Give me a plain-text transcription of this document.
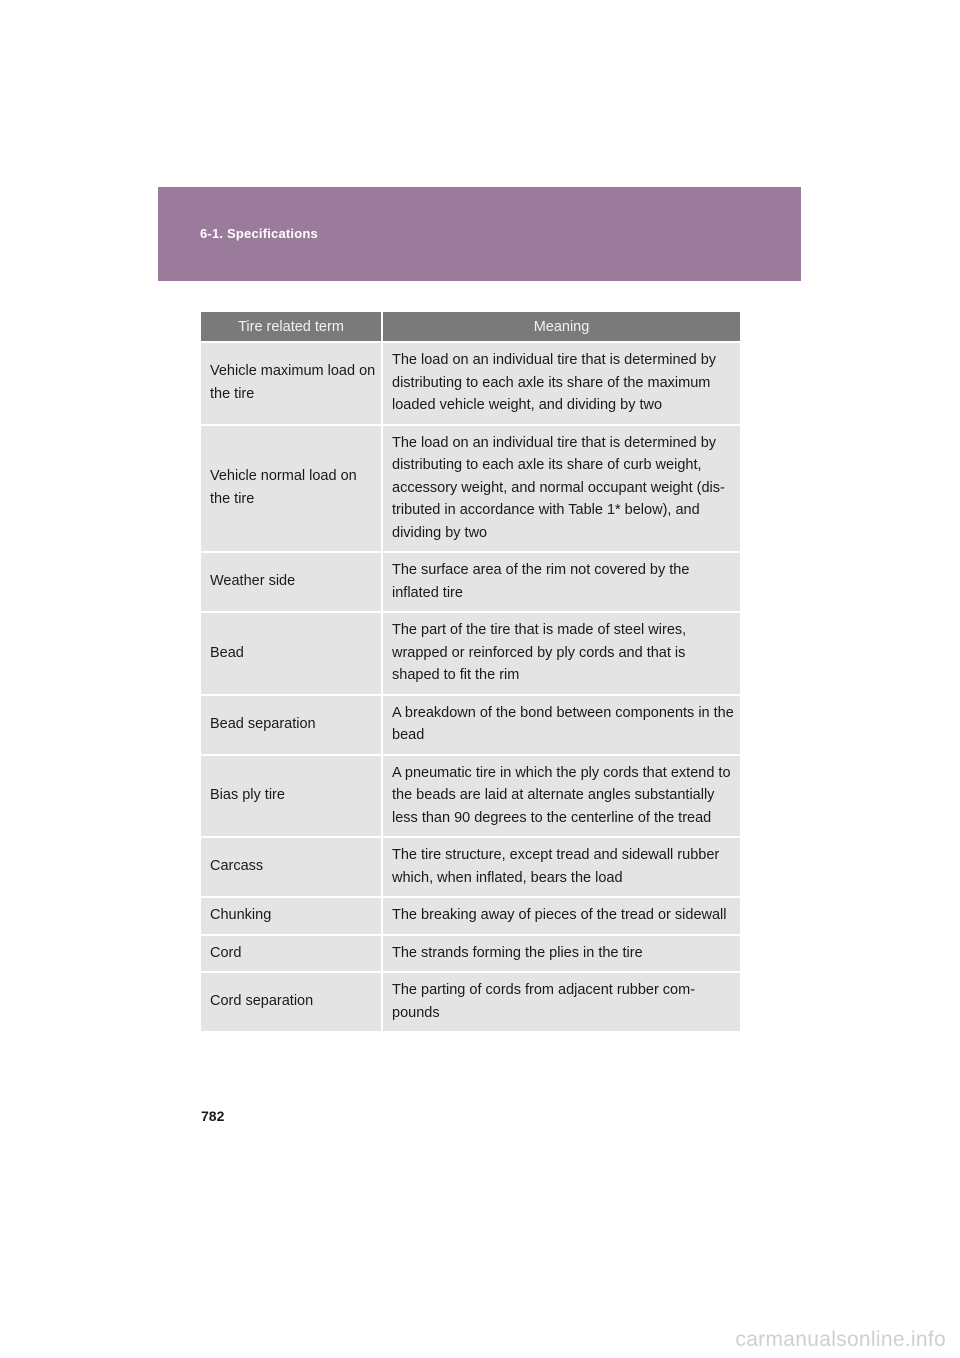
6-1. Specifications
Tire related term	Meaning
Vehicle maximum load on the tire	The load on an individual tire that is determined by distributing to each axle its share of the maximum loaded vehicle weight, and dividing by two
Vehicle normal load on the tire	The load on an individual tire that is determined by distributing to each axle its share of curb weight, accessory weight, and normal occupant weight (dis-tributed in accordance with Table 1* below), and dividing by two
Weather side	The surface area of the rim not covered by the inflated tire
Bead	The part of the tire that is made of steel wires, wrapped or reinforced by ply cords and that is shaped to fit the rim
Bead separation	A breakdown of the bond between components in the bead
Bias ply tire	A pneumatic tire in which the ply cords that extend to the beads are laid at alternate angles substantially less than 90 degrees to the centerline of the tread
Carcass	The tire structure, except tread and sidewall rubber which, when inflated, bears the load
Chunking	The breaking away of pieces of the tread or sidewall
Cord	The strands forming the plies in the tire
Cord separation	The parting of cords from adjacent rubber com-pounds
782
carmanualsonline.info
